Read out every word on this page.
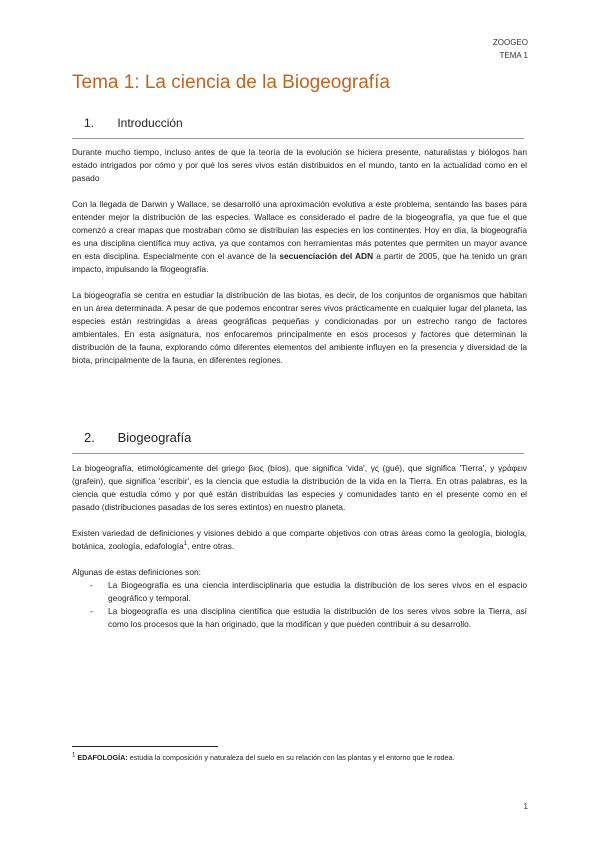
ZOOGEO
TEMA 1
Tema 1: La ciencia de la Biogeografía
1. Introducción

Durante mucho tiempo, incluso antes de que la teoría de la evolución se hiciera presente, naturalistas y biólogos han estado intrigados por cómo y por qué los seres vivos están distribuidos en el mundo, tanto en la actualidad como en el pasado

Con la llegada de Darwin y Wallace, se desarrolló una aproximación evolutiva a este problema, sentando las bases para entender mejor la distribución de las especies. Wallace es considerado el padre de la biogeografía, ya que fue el que comenzó a crear mapas que mostraban cómo se distribuían las especies en los continentes. Hoy en día, la biogeografía es una disciplina científica muy activa, ya que contamos con herramientas más potentes que permiten un mayor avance en esta disciplina. Especialmente con el avance de la secuenciación del ADN a partir de 2005, que ha tenido un gran impacto, impulsando la filogeografía.

La biogeografía se centra en estudiar la distribución de las biotas, es decir, de los conjuntos de organismos que habitan en un área determinada. A pesar de que podemos encontrar seres vivos prácticamente en cualquier lugar del planeta, las especies están restringidas a áreas geográficas pequeñas y condicionadas por un estrecho rango de factores ambientales. En esta asignatura, nos enfocaremos principalmente en esos procesos y factores que determinan la distribución de la fauna, explorando cómo diferentes elementos del ambiente influyen en la presencia y diversidad de la biota, principalmente de la fauna, en diferentes regiones.

2. Biogeografía

La biogeografía, etimológicamente del griego βιος (bíos), que significa 'vida', γς (gué), que significa 'Tierra', y γράφειν (grafein), que significa 'escribir', es la ciencia que estudia la distribución de la vida en la Tierra. En otras palabras, es la ciencia que estudia cómo y por qué están distribuidas las especies y comunidades tanto en el presente como en el pasado (distribuciones pasadas de los seres extintos) en nuestro planeta.

Existen variedad de definiciones y visiones debido a que comparte objetivos con otras áreas como la geología, biología, botánica, zoología, edafología$^1$, entre otras.

Algunas de estas definiciones son:

- La Biogeografía es una ciencia interdisciplinaria que estudia la distribución de los seres vivos en el espacio geográfico y temporal.
- La biogeografía es una disciplina científica que estudia la distribución de los seres vivos sobre la Tierra, así como los procesos que la han originado, que la modifican y que pueden contribuir a su desarrollo.
$^1$ EDAFOLOGÍA: estudia la composición y naturaleza del suelo en su relación con las plantas y el entorno que le rodea.
1
